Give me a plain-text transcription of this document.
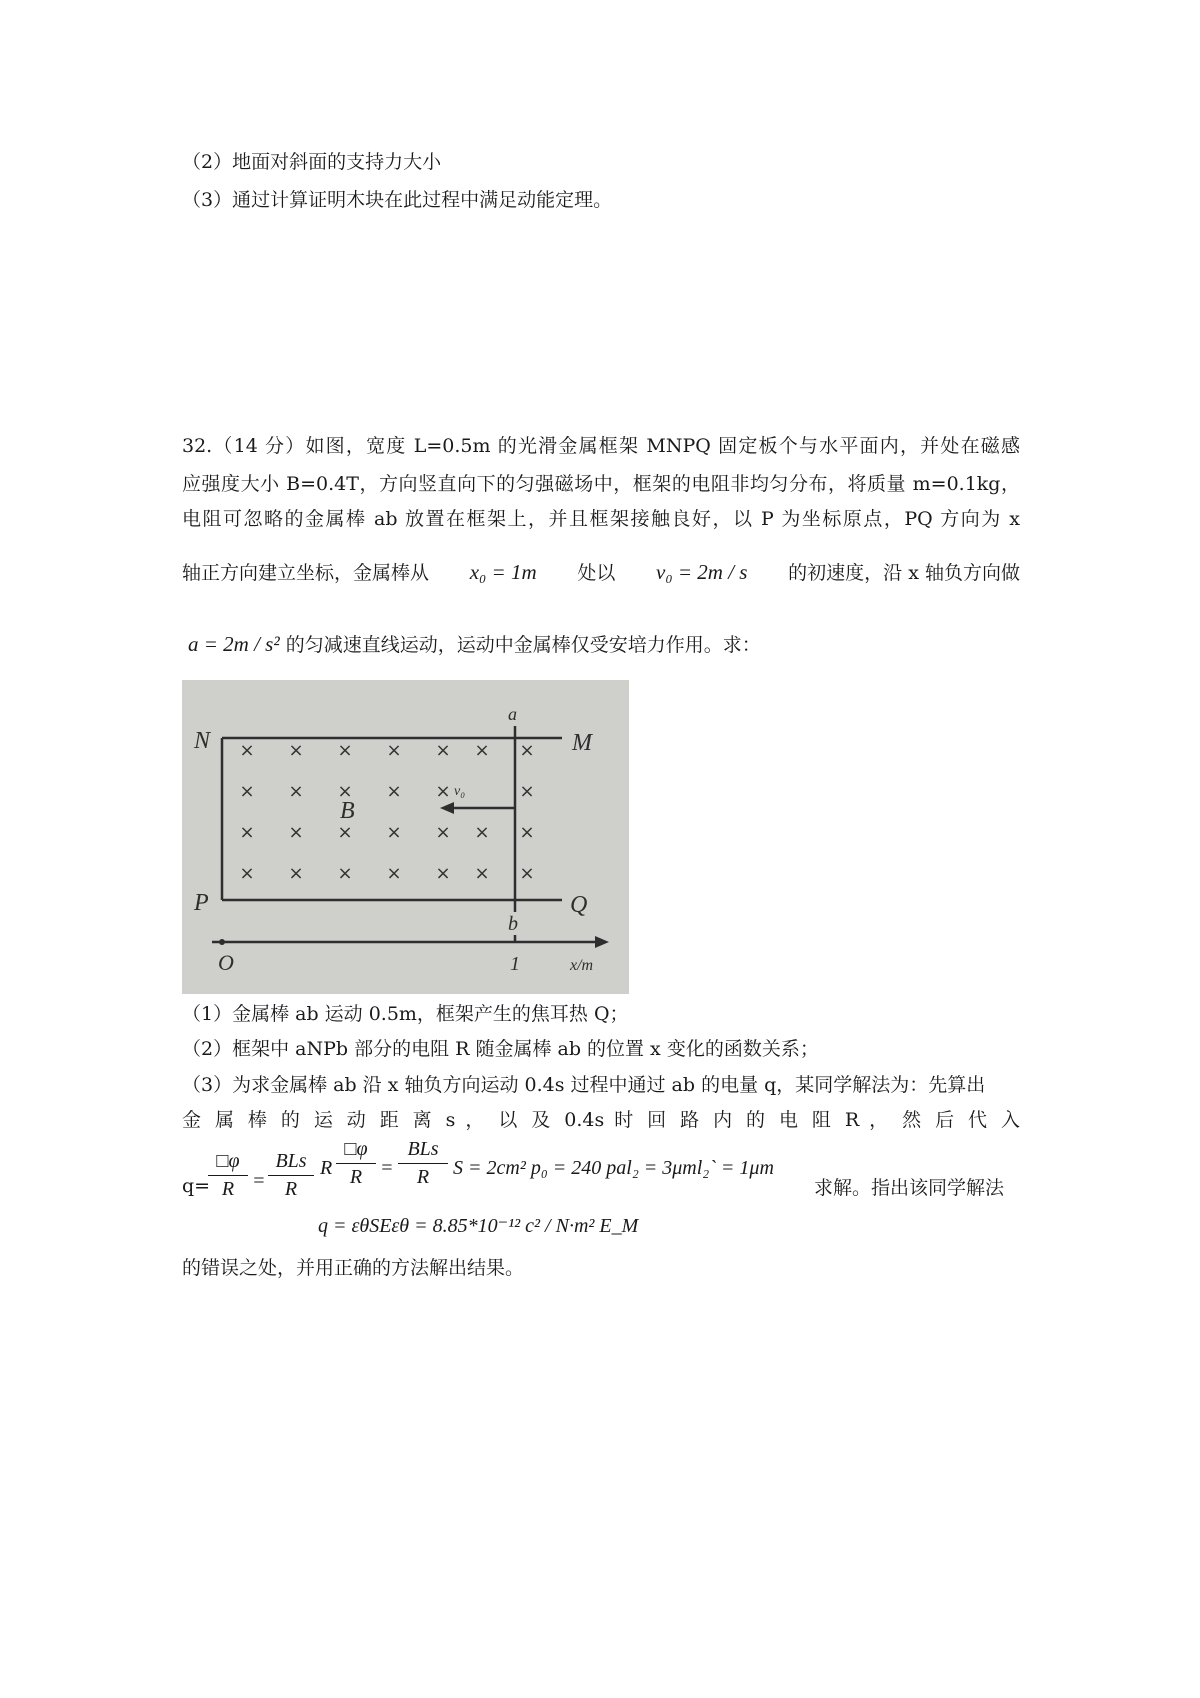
（2）地面对斜面的支持力大小
（3）通过计算证明木块在此过程中满足动能定理。
32.（14 分）如图，宽度 L=0.5m 的光滑金属框架 MNPQ 固定板个与水平面内，并处在磁感
应强度大小 B=0.4T，方向竖直向下的匀强磁场中，框架的电阻非均匀分布，将质量 m=0.1kg，
电阻可忽略的金属棒 ab 放置在框架上，并且框架接触良好，以 P 为坐标原点，PQ 方向为 x
轴正方向建立坐标，金属棒从 x₀ = 1m 处以 v₀ = 2m / s 的初速度，沿 x 轴负方向做
a = 2m / s² 的匀减速直线运动，运动中金属棒仅受安培力作用。求：
× × × × × × ×
× × × × ×	×
× × × × × × ×
× × × × × × ×
N	M
P	Q
a
b
B
v₀
O	1	x/m
（1）金属棒 ab 运动 0.5m，框架产生的焦耳热 Q；
（2）框架中 aNPb 部分的电阻 R 随金属棒 ab 的位置 x 变化的函数关系；
（3）为求金属棒 ab 沿 x 轴负方向运动 0.4s 过程中通过 ab 的电量 q，某同学解法为：先算出
金 属 棒 的 运 动 距 离 s ， 以 及 0.4s 时 回 路 内 的 电 阻 R ， 然 后 代 入
q=
$\frac{□\varphi}{R}$ =
BLs
R
R $\frac{□\varphi}{R}$ =
BLs
R	S = 2cm² p₀ = 240 pal₂ = 3μml₂` = 1μm
q = εθSEεθ = 8.85*10⁻¹² c² / N·m² E_M
求解。指出该同学解法
的错误之处，并用正确的方法解出结果。
